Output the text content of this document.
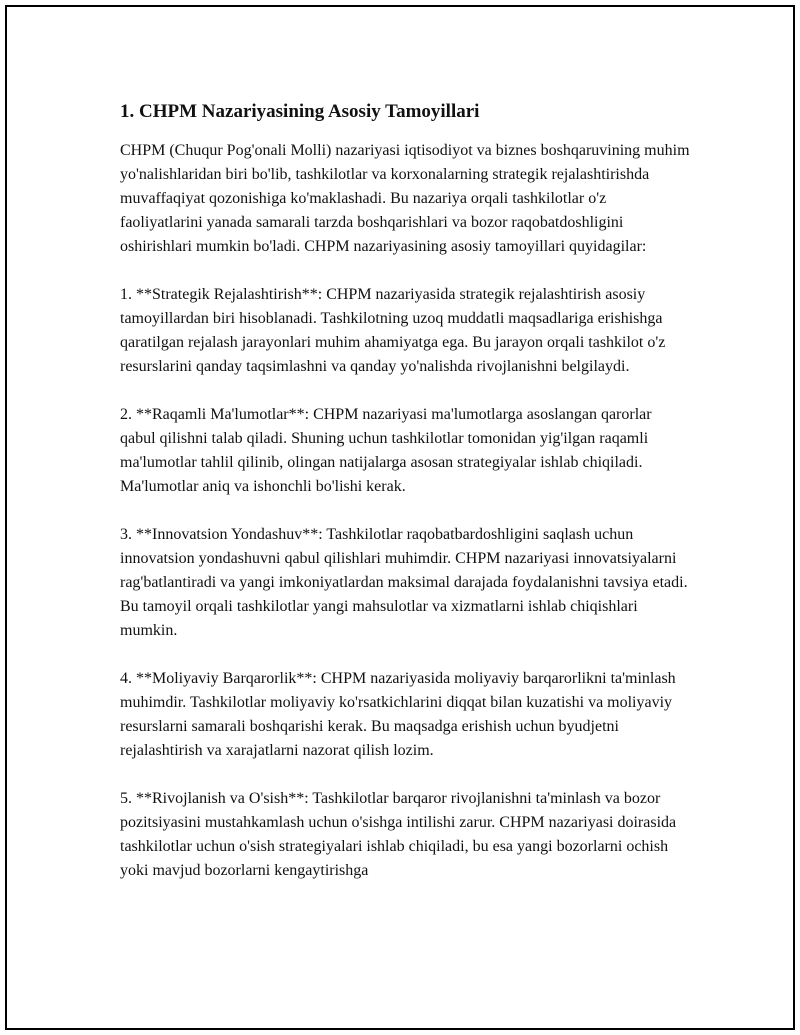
1. CHPM Nazariyasining Asosiy Tamoyillari

CHPM (Chuqur Pog'onali Molli) nazariyasi iqtisodiyot va biznes boshqaruvining muhim yo'nalishlaridan biri bo'lib, tashkilotlar va korxonalarning strategik rejalashtirishda muvaffaqiyat qozonishiga ko'maklashadi. Bu nazariya orqali tashkilotlar o'z faoliyatlarini yanada samarali tarzda boshqarishlari va bozor raqobatdoshligini oshirishlari mumkin bo'ladi. CHPM nazariyasining asosiy tamoyillari quyidagilar:

1. **Strategik Rejalashtirish**: CHPM nazariyasida strategik rejalashtirish asosiy tamoyillardan biri hisoblanadi. Tashkilotning uzoq muddatli maqsadlariga erishishga qaratilgan rejalash jarayonlari muhim ahamiyatga ega. Bu jarayon orqali tashkilot o'z resurslarini qanday taqsimlashni va qanday yo'nalishda rivojlanishni belgilaydi.

2. **Raqamli Ma'lumotlar**: CHPM nazariyasi ma'lumotlarga asoslangan qarorlar qabul qilishni talab qiladi. Shuning uchun tashkilotlar tomonidan yig'ilgan raqamli ma'lumotlar tahlil qilinib, olingan natijalarga asosan strategiyalar ishlab chiqiladi. Ma'lumotlar aniq va ishonchli bo'lishi kerak.

3. **Innovatsion Yondashuv**: Tashkilotlar raqobatbardoshligini saqlash uchun innovatsion yondashuvni qabul qilishlari muhimdir. CHPM nazariyasi innovatsiyalarni rag'batlantiradi va yangi imkoniyatlardan maksimal darajada foydalanishni tavsiya etadi. Bu tamoyil orqali tashkilotlar yangi mahsulotlar va xizmatlarni ishlab chiqishlari mumkin.

4. **Moliyaviy Barqarorlik**: CHPM nazariyasida moliyaviy barqarorlikni ta'minlash muhimdir. Tashkilotlar moliyaviy ko'rsatkichlarini diqqat bilan kuzatishi va moliyaviy resurslarni samarali boshqarishi kerak. Bu maqsadga erishish uchun byudjetni rejalashtirish va xarajatlarni nazorat qilish lozim.

5. **Rivojlanish va O'sish**: Tashkilotlar barqaror rivojlanishni ta'minlash va bozor pozitsiyasini mustahkamlash uchun o'sishga intilishi zarur. CHPM nazariyasi doirasida tashkilotlar uchun o'sish strategiyalari ishlab chiqiladi, bu esa yangi bozorlarni ochish yoki mavjud bozorlarni kengaytirishga
